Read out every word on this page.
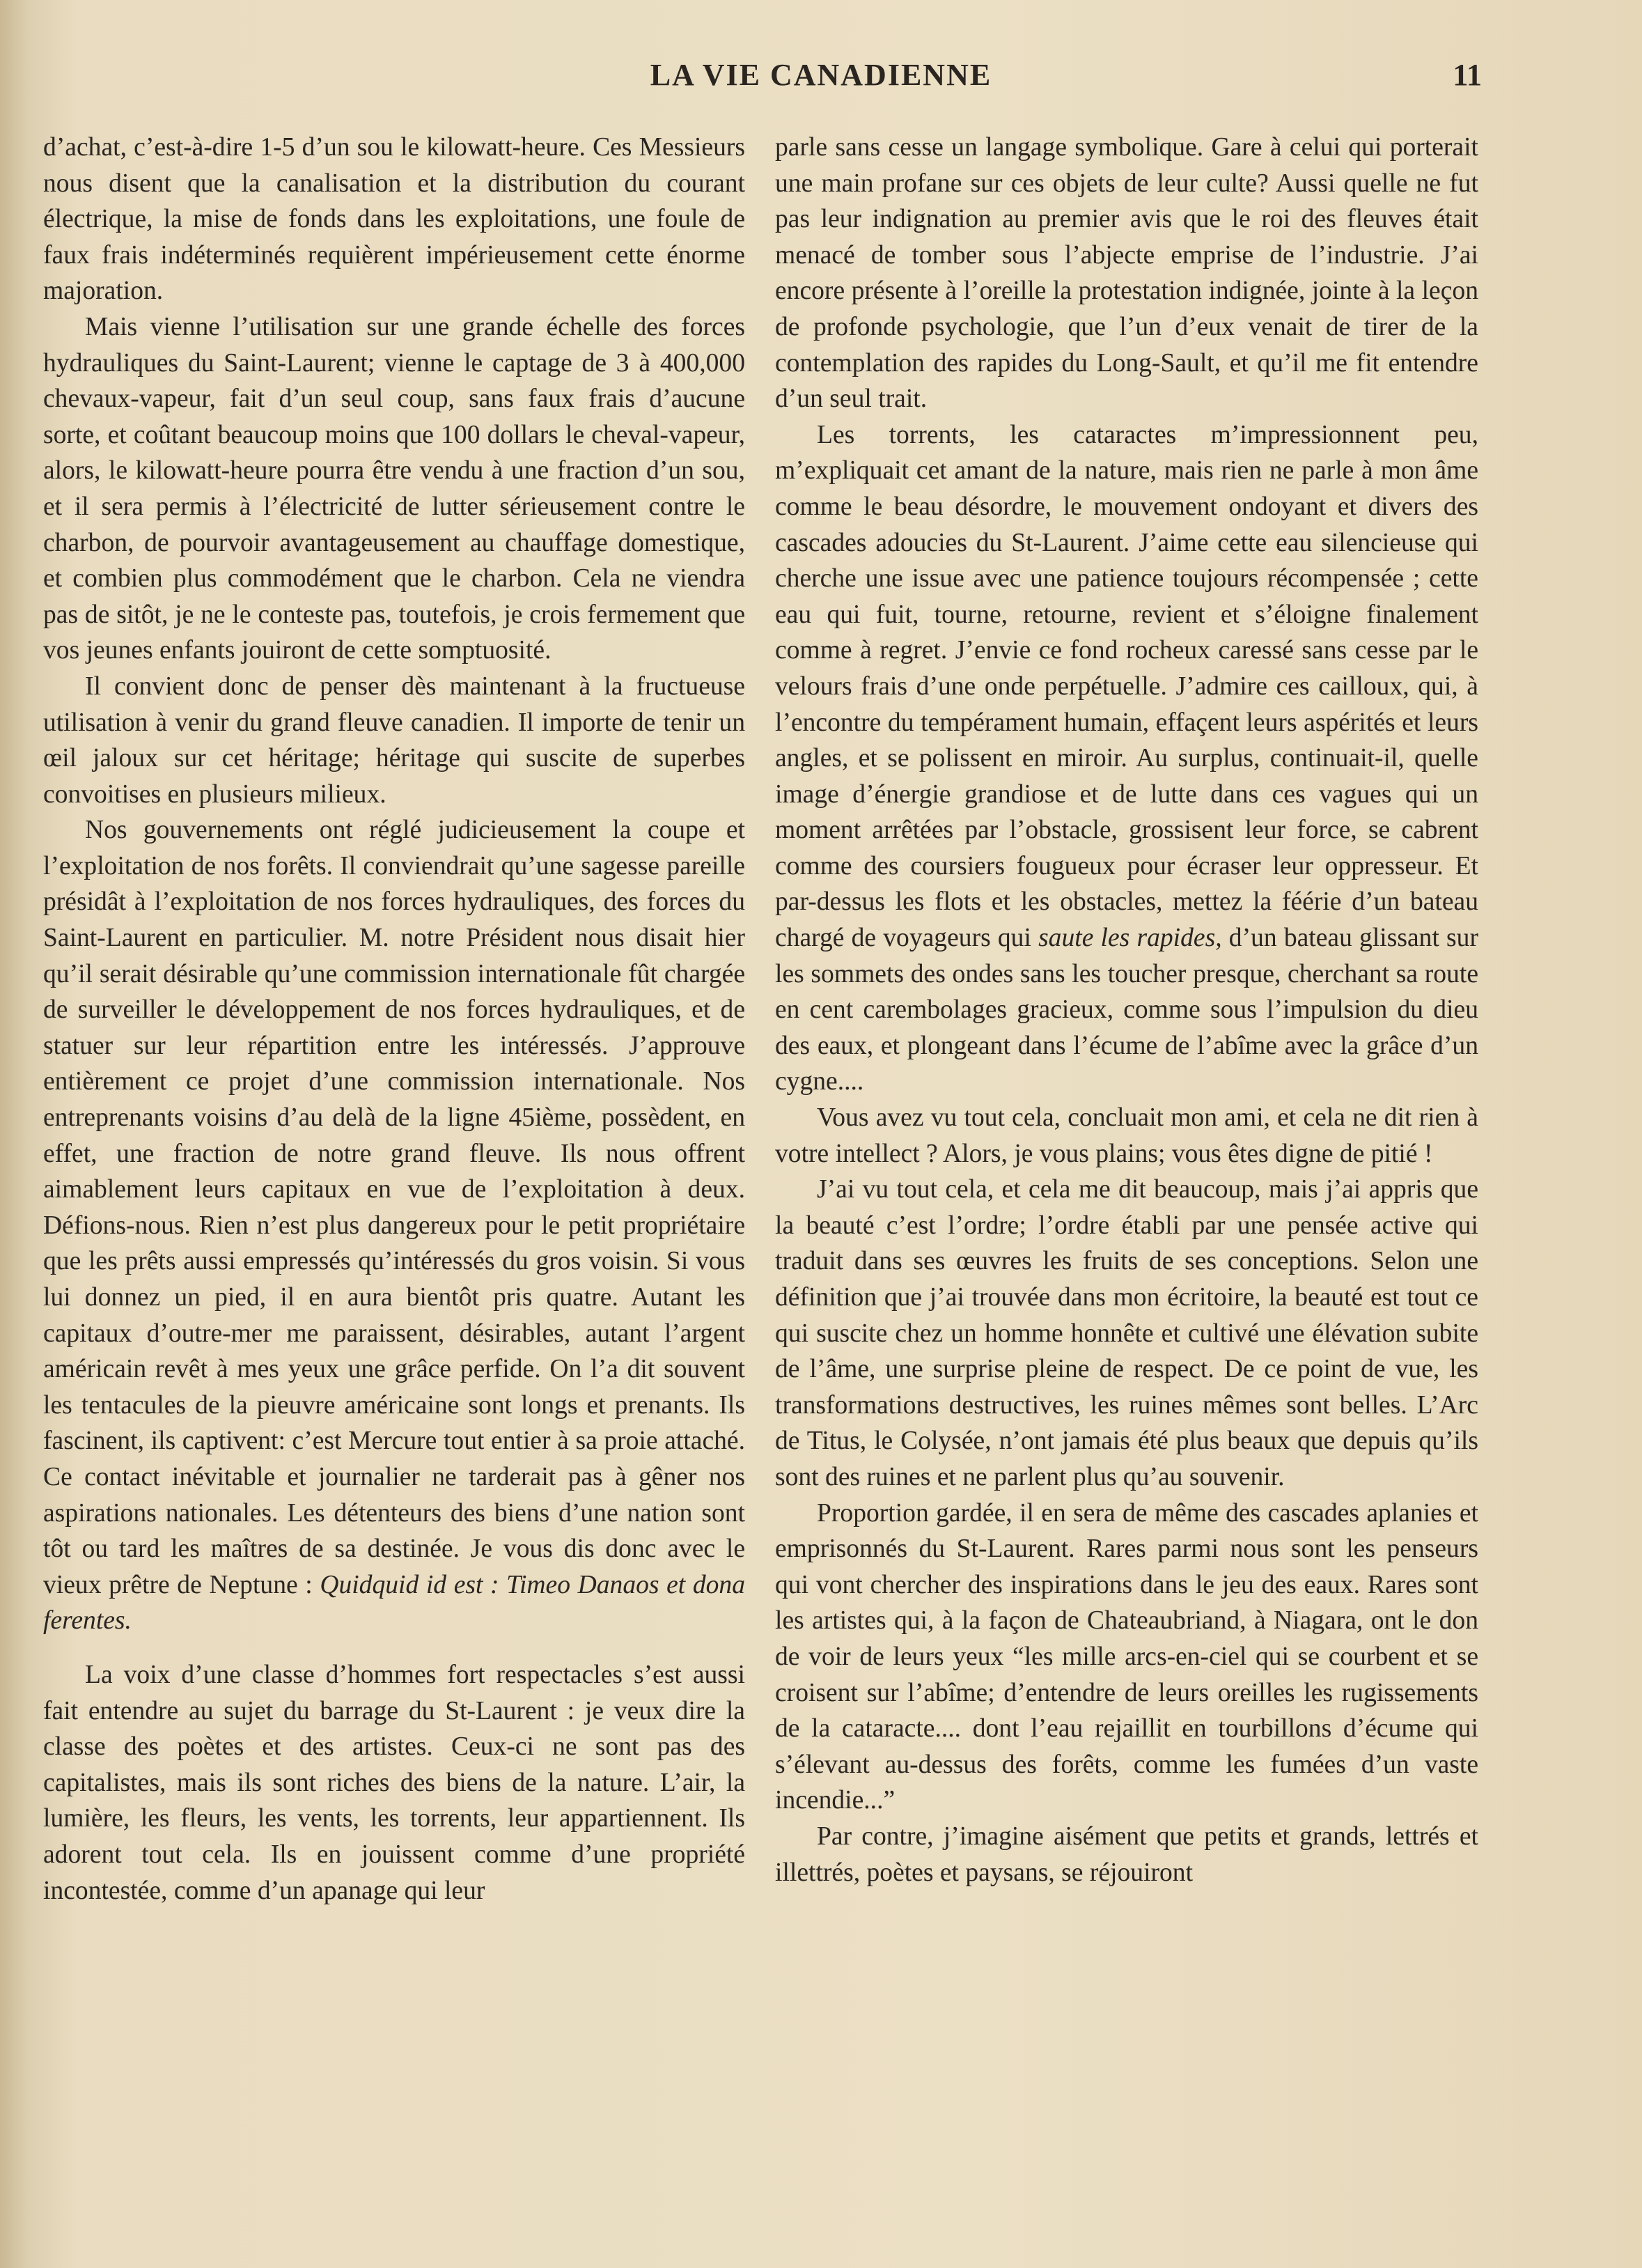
LA VIE CANADIENNE	11

d’achat, c’est-à-dire 1-5 d’un sou le kilowatt-heure. Ces Messieurs nous disent que la canalisation et la distribution du courant électrique, la mise de fonds dans les exploitations, une foule de faux frais indéterminés requièrent impérieusement cette énorme majoration.

Mais vienne l’utilisation sur une grande échelle des forces hydrauliques du Saint-Laurent; vienne le captage de 3 à 400,000 chevaux-vapeur, fait d’un seul coup, sans faux frais d’aucune sorte, et coûtant beaucoup moins que 100 dollars le cheval-vapeur, alors, le kilowatt-heure pourra être vendu à une fraction d’un sou, et il sera permis à l’électricité de lutter sérieusement contre le charbon, de pourvoir avantageusement au chauffage domestique, et combien plus commodément que le charbon. Cela ne viendra pas de sitôt, je ne le conteste pas, toutefois, je crois fermement que vos jeunes enfants jouiront de cette somptuosité.

Il convient donc de penser dès maintenant à la fructueuse utilisation à venir du grand fleuve canadien. Il importe de tenir un œil jaloux sur cet héritage; héritage qui suscite de superbes convoitises en plusieurs milieux.

Nos gouvernements ont réglé judicieusement la coupe et l’exploitation de nos forêts. Il conviendrait qu’une sagesse pareille présidât à l’exploitation de nos forces hydrauliques, des forces du Saint-Laurent en particulier. M. notre Président nous disait hier qu’il serait désirable qu’une commission internationale fût chargée de surveiller le développement de nos forces hydrauliques, et de statuer sur leur répartition entre les intéressés. J’approuve entièrement ce projet d’une commission internationale. Nos entreprenants voisins d’au delà de la ligne 45ième, possèdent, en effet, une fraction de notre grand fleuve. Ils nous offrent aimablement leurs capitaux en vue de l’exploitation à deux. Défions-nous. Rien n’est plus dangereux pour le petit propriétaire que les prêts aussi empressés qu’intéressés du gros voisin. Si vous lui donnez un pied, il en aura bientôt pris quatre. Autant les capitaux d’outre-mer me paraissent, désirables, autant l’argent américain revêt à mes yeux une grâce perfide. On l’a dit souvent les tentacules de la pieuvre américaine sont longs et prenants. Ils fascinent, ils captivent: c’est Mercure tout entier à sa proie attaché. Ce contact inévitable et journalier ne tarderait pas à gêner nos aspirations nationales. Les détenteurs des biens d’une nation sont tôt ou tard les maîtres de sa destinée. Je vous dis donc avec le vieux prêtre de Neptune : Quidquid id est : Timeo Danaos et dona ferentes.

La voix d’une classe d’hommes fort respectacles s’est aussi fait entendre au sujet du barrage du St-Laurent : je veux dire la classe des poètes et des artistes. Ceux-ci ne sont pas des capitalistes, mais ils sont riches des biens de la nature. L’air, la lumière, les fleurs, les vents, les torrents, leur appartiennent. Ils adorent tout cela. Ils en jouissent comme d’une propriété incontestée, comme d’un apanage qui leur

parle sans cesse un langage symbolique. Gare à celui qui porterait une main profane sur ces objets de leur culte? Aussi quelle ne fut pas leur indignation au premier avis que le roi des fleuves était menacé de tomber sous l’abjecte emprise de l’industrie. J’ai encore présente à l’oreille la protestation indignée, jointe à la leçon de profonde psychologie, que l’un d’eux venait de tirer de la contemplation des rapides du Long-Sault, et qu’il me fit entendre d’un seul trait.

Les torrents, les cataractes m’impressionnent peu, m’expliquait cet amant de la nature, mais rien ne parle à mon âme comme le beau désordre, le mouvement ondoyant et divers des cascades adoucies du St-Laurent. J’aime cette eau silencieuse qui cherche une issue avec une patience toujours récompensée ; cette eau qui fuit, tourne, retourne, revient et s’éloigne finalement comme à regret. J’envie ce fond rocheux caressé sans cesse par le velours frais d’une onde perpétuelle. J’admire ces cailloux, qui, à l’encontre du tempérament humain, effaçent leurs aspérités et leurs angles, et se polissent en miroir. Au surplus, continuait-il, quelle image d’énergie grandiose et de lutte dans ces vagues qui un moment arrêtées par l’obstacle, grossisent leur force, se cabrent comme des coursiers fougueux pour écraser leur oppresseur. Et par-dessus les flots et les obstacles, mettez la féérie d’un bateau chargé de voyageurs qui saute les rapides, d’un bateau glissant sur les sommets des ondes sans les toucher presque, cherchant sa route en cent carembolages gracieux, comme sous l’impulsion du dieu des eaux, et plongeant dans l’écume de l’abîme avec la grâce d’un cygne....

Vous avez vu tout cela, concluait mon ami, et cela ne dit rien à votre intellect ? Alors, je vous plains; vous êtes digne de pitié !

J’ai vu tout cela, et cela me dit beaucoup, mais j’ai appris que la beauté c’est l’ordre; l’ordre établi par une pensée active qui traduit dans ses œuvres les fruits de ses conceptions. Selon une définition que j’ai trouvée dans mon écritoire, la beauté est tout ce qui suscite chez un homme honnête et cultivé une élévation subite de l’âme, une surprise pleine de respect. De ce point de vue, les transformations destructives, les ruines mêmes sont belles. L’Arc de Titus, le Colysée, n’ont jamais été plus beaux que depuis qu’ils sont des ruines et ne parlent plus qu’au souvenir.

Proportion gardée, il en sera de même des cascades aplanies et emprisonnés du St-Laurent. Rares parmi nous sont les penseurs qui vont chercher des inspirations dans le jeu des eaux. Rares sont les artistes qui, à la façon de Chateaubriand, à Niagara, ont le don de voir de leurs yeux “les mille arcs-en-ciel qui se courbent et se croisent sur l’abîme; d’entendre de leurs oreilles les rugissements de la cataracte.... dont l’eau rejaillit en tourbillons d’écume qui s’élevant au-dessus des forêts, comme les fumées d’un vaste incendie...”

Par contre, j’imagine aisément que petits et grands, lettrés et illettrés, poètes et paysans, se réjouiront
